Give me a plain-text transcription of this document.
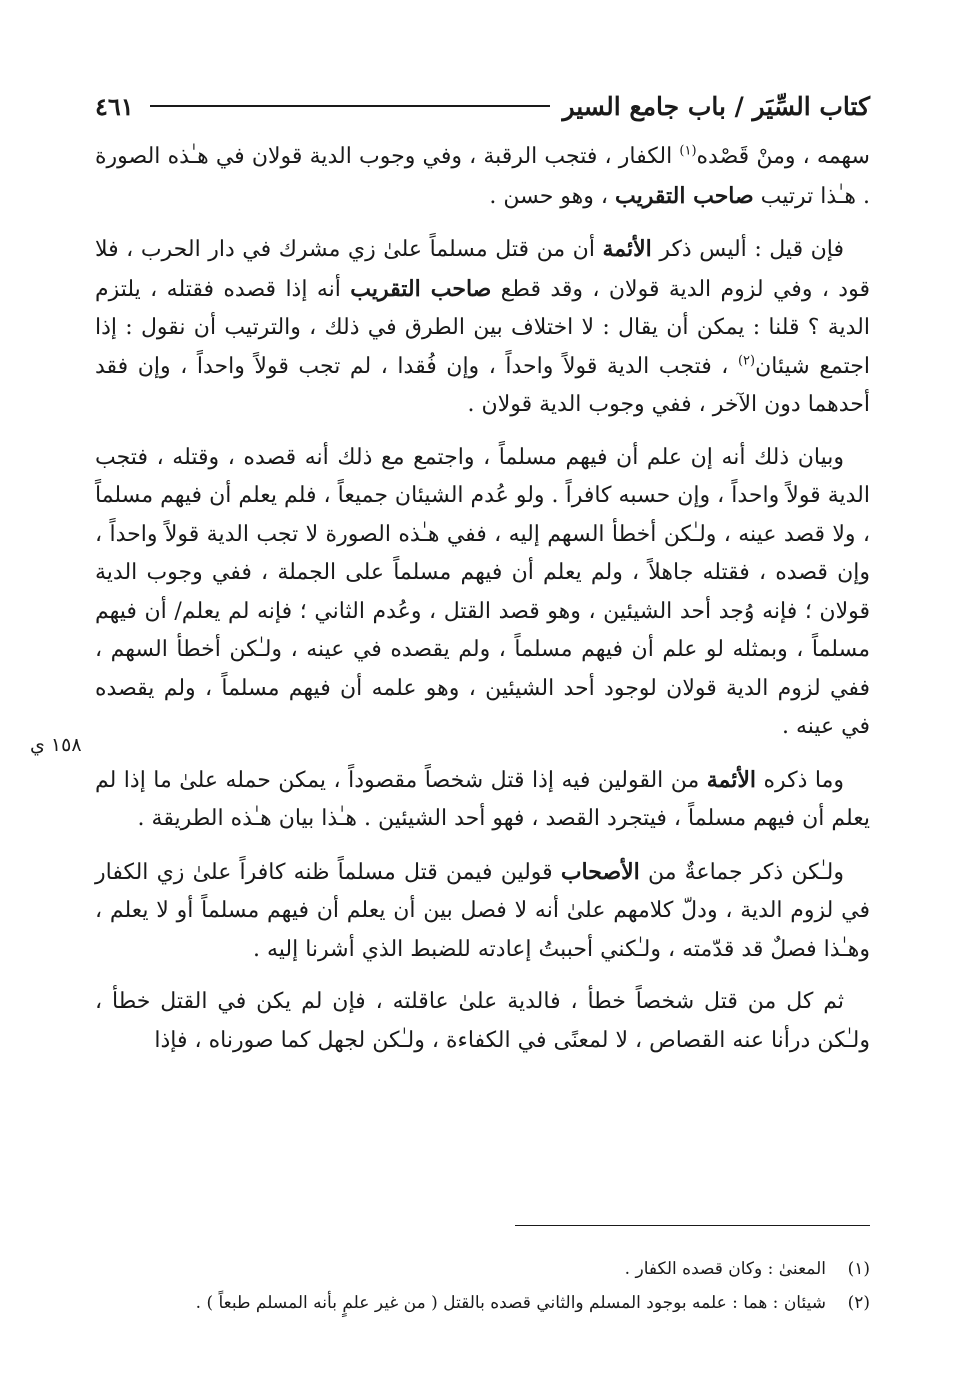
كتاب السِّيَر / باب جامع السير
٤٦١

سهمه ، ومنْ قَصْده$^{(١)}$ الكفار ، فتجب الرقبة ، وفي وجوب الدية قولان في هـٰذه الصورة . هـٰذا ترتيب صاحب التقريب ، وهو حسن .

فإن قيل : أليس ذكر الأئمة أن من قتل مسلماً علىٰ زي مشرك في دار الحرب ، فلا قود ، وفي لزوم الدية قولان ، وقد قطع صاحب التقريب أنه إذا قصده فقتله ، يلتزم الدية ؟ قلنا : يمكن أن يقال : لا اختلاف بين الطرق في ذلك ، والترتيب أن نقول : إذا اجتمع شيئان$^{(٢)}$ ، فتجب الدية قولاً واحداً ، وإن فُقدا ، لم تجب قولاً واحداً ، وإن فقد أحدهما دون الآخر ، ففي وجوب الدية قولان .

وبيان ذلك أنه إن علم أن فيهم مسلماً ، واجتمع مع ذلك أنه قصده ، وقتله ، فتجب الدية قولاً واحداً ، وإن حسبه كافراً . ولو عُدم الشيئان جميعاً ، فلم يعلم أن فيهم مسلماً ، ولا قصد عينه ، ولـٰكن أخطأ السهم إليه ، ففي هـٰذه الصورة لا تجب الدية قولاً واحداً ، وإن قصده ، فقتله جاهلاً ، ولم يعلم أن فيهم مسلماً على الجملة ، ففي وجوب الدية قولان ؛ فإنه وُجد أحد الشيئين ، وهو قصد القتل ، وعُدم الثاني ؛ فإنه لم يعلم/ أن فيهم مسلماً ، وبمثله لو علم أن فيهم مسلماً ، ولم يقصده في عينه ، ولـٰكن أخطأ السهم ، ففي لزوم الدية قولان لوجود أحد الشيئين ، وهو علمه أن فيهم مسلماً ، ولم يقصده في عينه .

وما ذكره الأئمة من القولين فيه إذا قتل شخصاً مقصوداً ، يمكن حمله علىٰ ما إذا لم يعلم أن فيهم مسلماً ، فيتجرد القصد ، فهو أحد الشيئين . هـٰذا بيان هـٰذه الطريقة .

ولـٰكن ذكر جماعةٌ من الأصحاب قولين فيمن قتل مسلماً ظنه كافراً علىٰ زي الكفار في لزوم الدية ، ودلّ كلامهم علىٰ أنه لا فصل بين أن يعلم أن فيهم مسلماً أو لا يعلم ، وهـٰذا فصلٌ قد قدّمته ، ولـٰكني أحببتُ إعادته للضبط الذي أشرنا إليه .

ثم كل من قتل شخصاً خطأ ، فالدية علىٰ عاقلته ، فإن لم يكن في القتل خطأ ، ولـٰكن درأنا عنه القصاص ، لا لمعنًى في الكفاءة ، ولـٰكن لجهل كما صورناه ، فإذا

١٥٨ ي
(١)المعنىٰ : وكان قصده الكفار .
(٢)شيئان : هما : علمه بوجود المسلم والثاني قصده بالقتل ( من غير علمٍ بأنه المسلم طبعاً ) .
